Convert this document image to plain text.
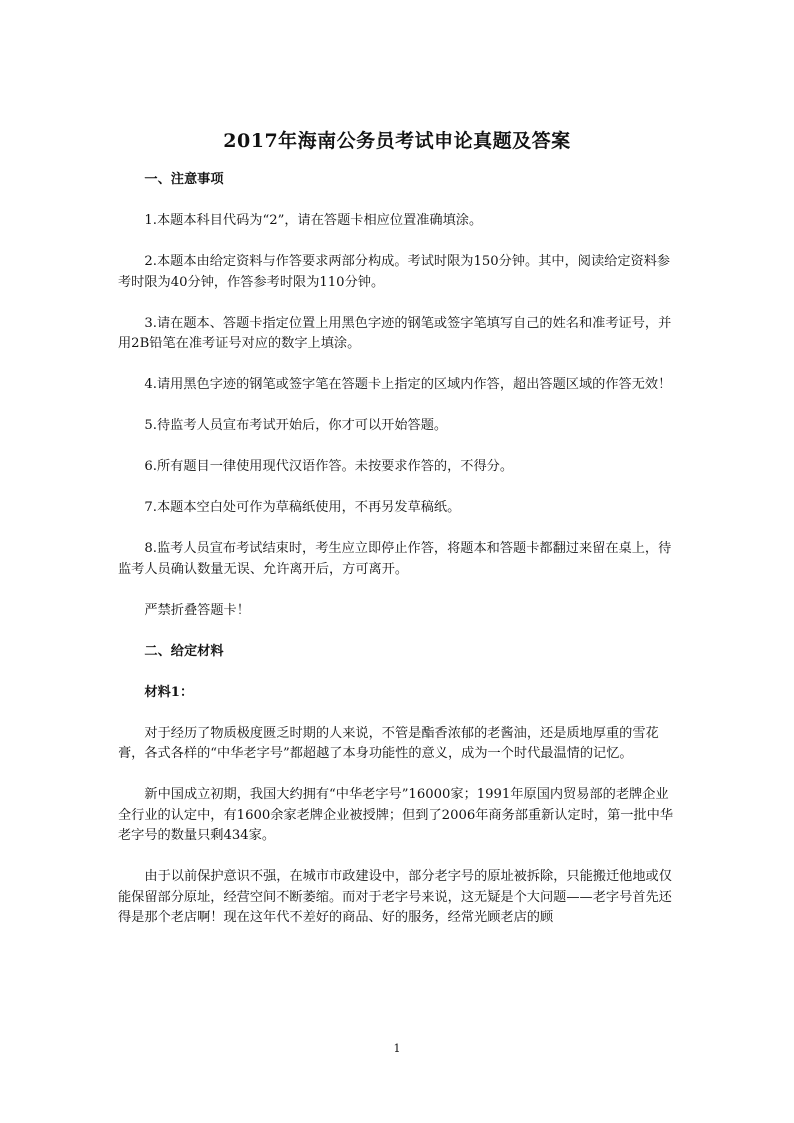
2017年海南公务员考试申论真题及答案

一、注意事项

1.本题本科目代码为“2”，请在答题卡相应位置准确填涂。

2.本题本由给定资料与作答要求两部分构成。考试时限为150分钟。其中，阅读给定资料参考时限为40分钟，作答参考时限为110分钟。

3.请在题本、答题卡指定位置上用黑色字迹的钢笔或签字笔填写自己的姓名和准考证号，并用2B铅笔在准考证号对应的数字上填涂。

4.请用黑色字迹的钢笔或签字笔在答题卡上指定的区域内作答，超出答题区域的作答无效！

5.待监考人员宣布考试开始后，你才可以开始答题。

6.所有题目一律使用现代汉语作答。未按要求作答的，不得分。

7.本题本空白处可作为草稿纸使用，不再另发草稿纸。

8.监考人员宣布考试结束时，考生应立即停止作答，将题本和答题卡都翻过来留在桌上，待监考人员确认数量无误、允许离开后，方可离开。

严禁折叠答题卡！

二、给定材料

材料1：

对于经历了物质极度匮乏时期的人来说，不管是酯香浓郁的老酱油，还是质地厚重的雪花膏，各式各样的“中华老字号”都超越了本身功能性的意义，成为一个时代最温情的记忆。

新中国成立初期，我国大约拥有“中华老字号”16000家；1991年原国内贸易部的老牌企业全行业的认定中，有1600余家老牌企业被授牌；但到了2006年商务部重新认定时，第一批中华老字号的数量只剩434家。

由于以前保护意识不强，在城市市政建设中，部分老字号的原址被拆除，只能搬迁他地或仅能保留部分原址，经营空间不断萎缩。而对于老字号来说，这无疑是个大问题——老字号首先还得是那个老店啊！现在这年代不差好的商品、好的服务，经常光顾老店的顾

1
